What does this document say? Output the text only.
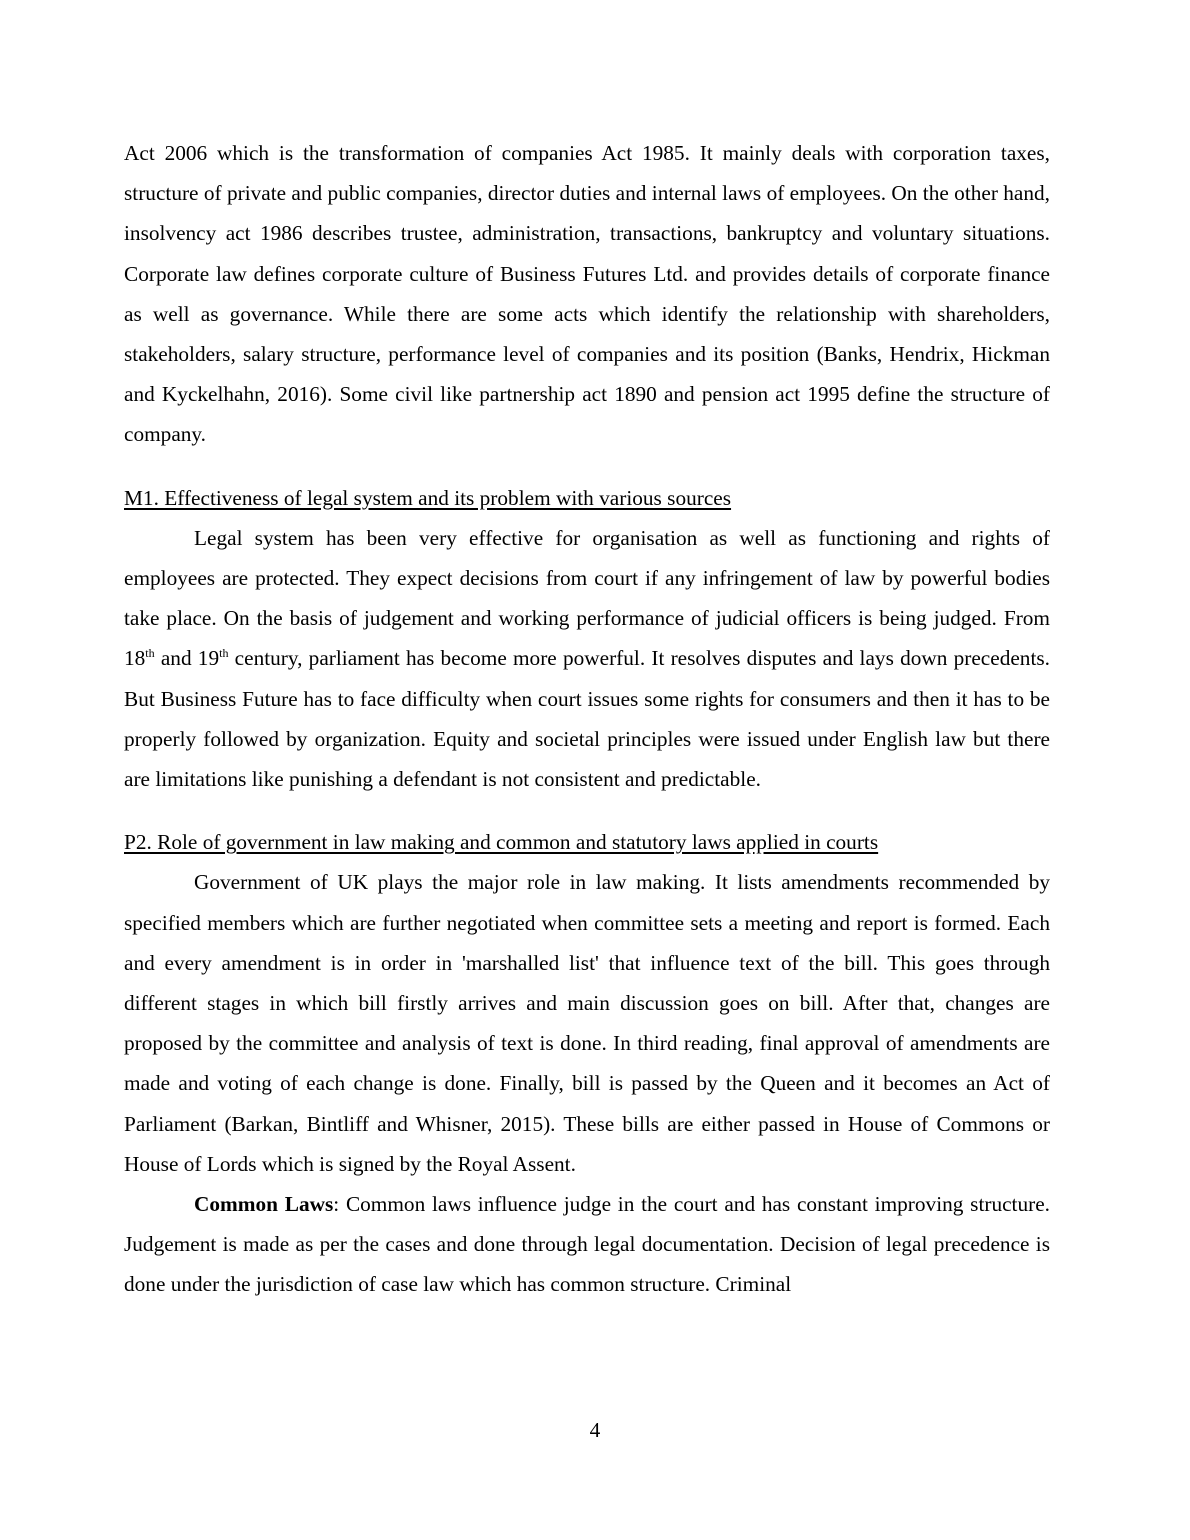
Act 2006 which is the transformation of companies Act 1985. It mainly deals with corporation taxes, structure of private and public companies, director duties and internal laws of employees. On the other hand, insolvency act 1986 describes trustee, administration, transactions, bankruptcy and voluntary situations. Corporate law defines corporate culture of Business Futures Ltd. and provides details of corporate finance as well as governance. While there are some acts which identify the relationship with shareholders, stakeholders, salary structure, performance level of companies and its position (Banks, Hendrix, Hickman and Kyckelhahn, 2016). Some civil like partnership act 1890 and pension act 1995 define the structure of company.

M1. Effectiveness of legal system and its problem with various sources

Legal system has been very effective for organisation as well as functioning and rights of employees are protected. They expect decisions from court if any infringement of law by powerful bodies take place. On the basis of judgement and working performance of judicial officers is being judged. From 18th and 19th century, parliament has become more powerful. It resolves disputes and lays down precedents. But Business Future has to face difficulty when court issues some rights for consumers and then it has to be properly followed by organization. Equity and societal principles were issued under English law but there are limitations like punishing a defendant is not consistent and predictable.

P2. Role of government in law making and common and statutory laws applied in courts

Government of UK plays the major role in law making. It lists amendments recommended by specified members which are further negotiated when committee sets a meeting and report is formed. Each and every amendment is in order in 'marshalled list' that influence text of the bill. This goes through different stages in which bill firstly arrives and main discussion goes on bill. After that, changes are proposed by the committee and analysis of text is done. In third reading, final approval of amendments are made and voting of each change is done. Finally, bill is passed by the Queen and it becomes an Act of Parliament (Barkan, Bintliff and Whisner, 2015). These bills are either passed in House of Commons or House of Lords which is signed by the Royal Assent.

Common Laws: Common laws influence judge in the court and has constant improving structure. Judgement is made as per the cases and done through legal documentation. Decision of legal precedence is done under the jurisdiction of case law which has common structure. Criminal

4
